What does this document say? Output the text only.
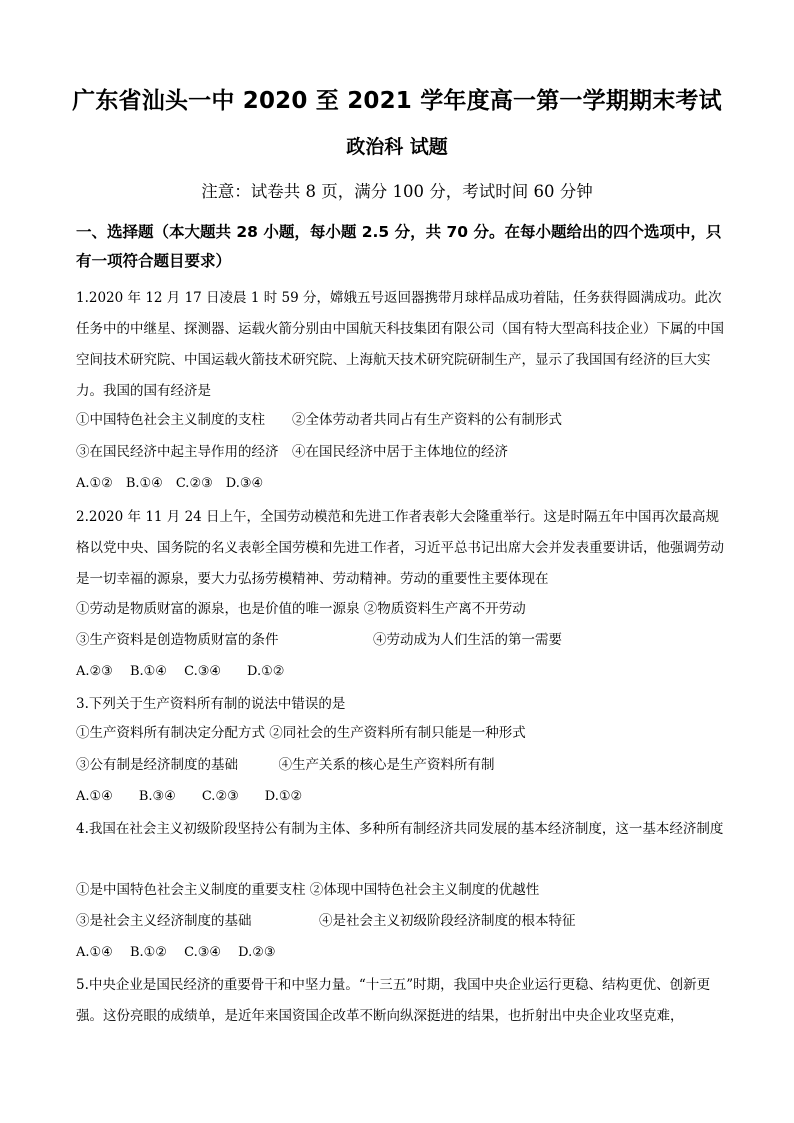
广东省汕头一中 2020 至 2021 学年度高一第一学期期末考试
政治科 试题
注意：试卷共 8 页，满分 100 分，考试时间 60 分钟
一、选择题（本大题共 28 小题，每小题 2.5 分，共 70 分。在每小题给出的四个选项中，只有一项符合题目要求）
1.2020 年 12 月 17 日凌晨 1 时 59 分，嫦娥五号返回器携带月球样品成功着陆，任务获得圆满成功。此次任务中的中继星、探测器、运载火箭分别由中国航天科技集团有限公司（国有特大型高科技企业）下属的中国空间技术研究院、中国运载火箭技术研究院、上海航天技术研究院研制生产，显示了我国国有经济的巨大实力。我国的国有经济是
①中国特色社会主义制度的支柱　　②全体劳动者共同占有生产资料的公有制形式
③在国民经济中起主导作用的经济　④在国民经济中居于主体地位的经济
A.①②　B.①④　C.②③　D.③④
2.2020 年 11 月 24 日上午，全国劳动模范和先进工作者表彰大会隆重举行。这是时隔五年中国再次最高规格以党中央、国务院的名义表彰全国劳模和先进工作者，习近平总书记出席大会并发表重要讲话，他强调劳动是一切幸福的源泉，要大力弘扬劳模精神、劳动精神。劳动的重要性主要体现在
①劳动是物质财富的源泉，也是价值的唯一源泉 ②物质资料生产离不开劳动
③生产资料是创造物质财富的条件　　　　　　　④劳动成为人们生活的第一需要
A.②③　 B.①④　 C.③④　　D.①②
3.下列关于生产资料所有制的说法中错误的是
①生产资料所有制决定分配方式 ②同社会的生产资料所有制只能是一种形式
③公有制是经济制度的基础　　　④生产关系的核心是生产资料所有制
A.①④　　B.③④　　C.②③　　D.①②
4.我国在社会主义初级阶段坚持公有制为主体、多种所有制经济共同发展的基本经济制度，这一基本经济制度
①是中国特色社会主义制度的重要支柱 ②体现中国特色社会主义制度的优越性
③是社会主义经济制度的基础　　　　　④是社会主义初级阶段经济制度的根本特征
A.①④　 B.①②　 C.③④　 D.②③
5.中央企业是国民经济的重要骨干和中坚力量。“十三五”时期，我国中央企业运行更稳、结构更优、创新更强。这份亮眼的成绩单，是近年来国资国企改革不断向纵深挺进的结果，也折射出中央企业攻坚克难，
